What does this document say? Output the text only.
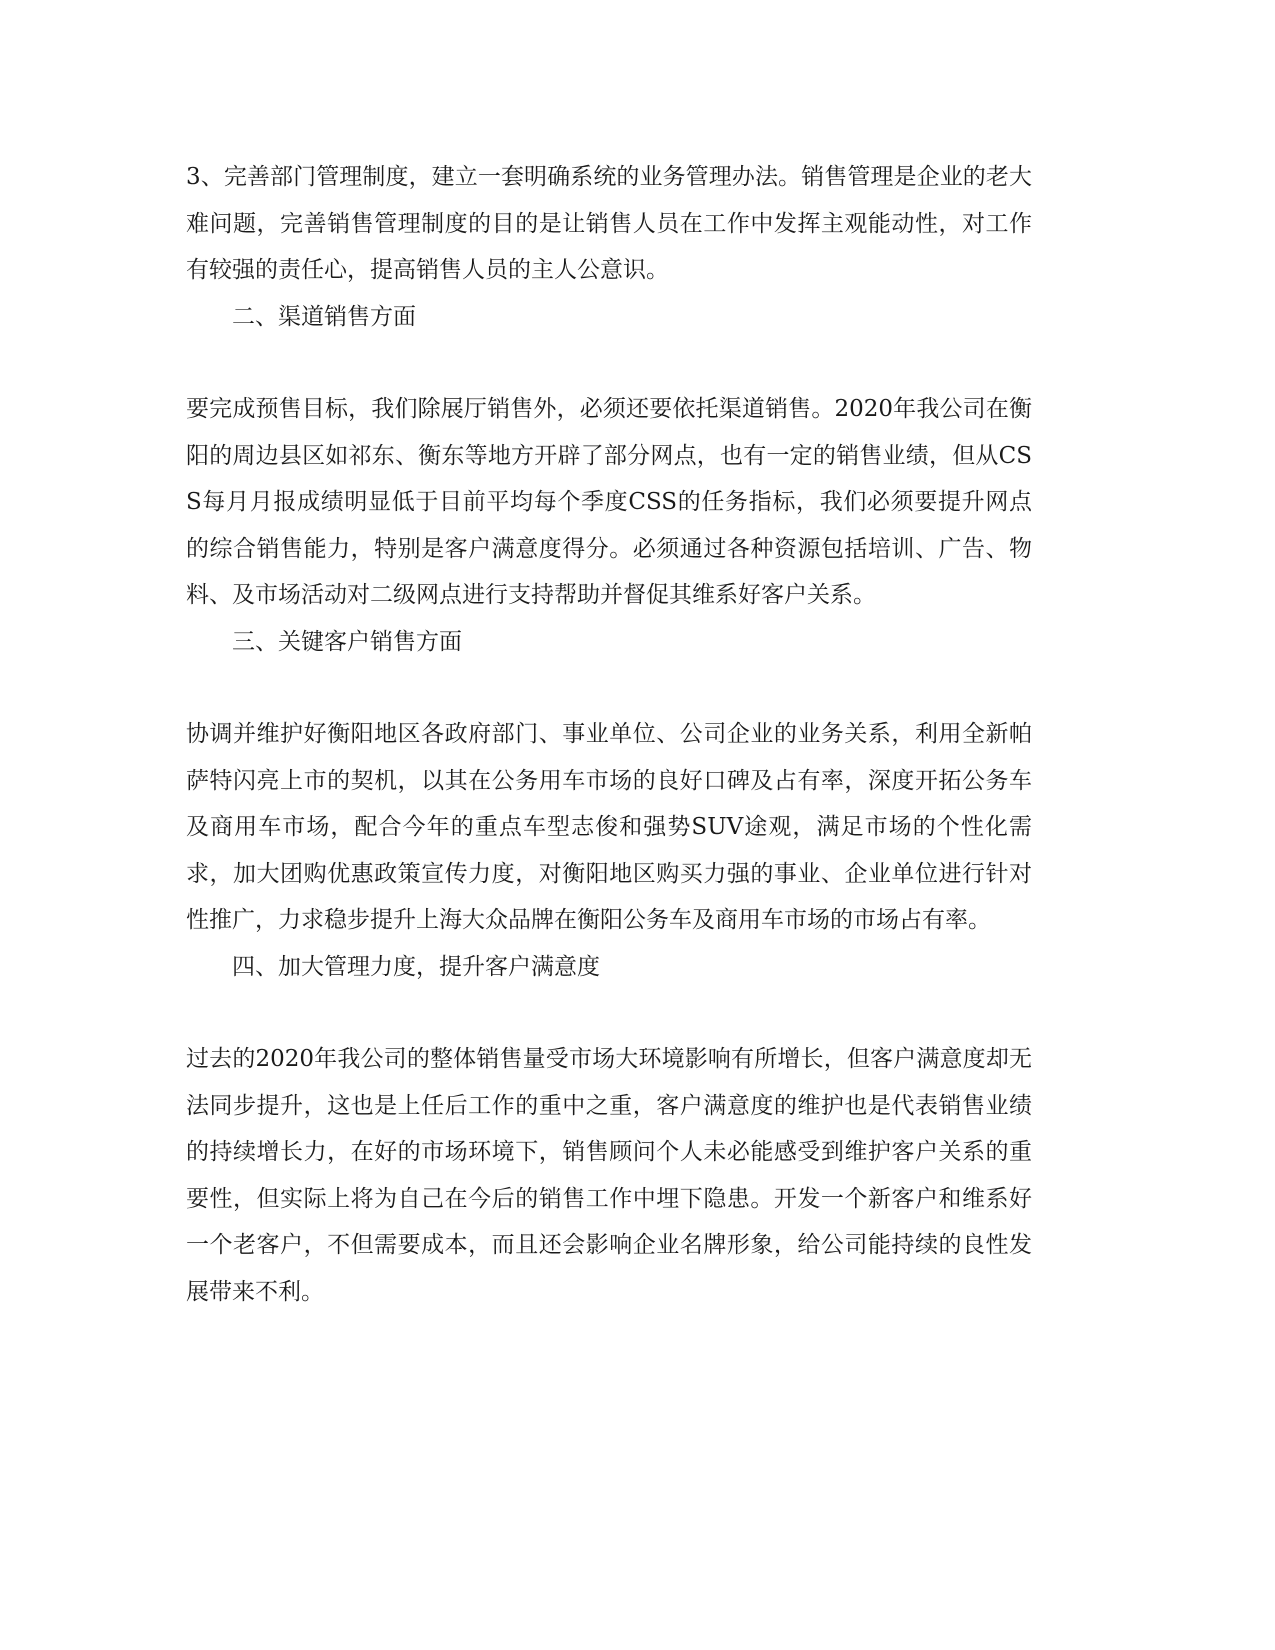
3、完善部门管理制度，建立一套明确系统的业务管理办法。销售管理是企业的老大难问题，完善销售管理制度的目的是让销售人员在工作中发挥主观能动性，对工作有较强的责任心，提高销售人员的主人公意识。

二、渠道销售方面

要完成预售目标，我们除展厅销售外，必须还要依托渠道销售。2020年我公司在衡阳的周边县区如祁东、衡东等地方开辟了部分网点，也有一定的销售业绩，但从CSS每月月报成绩明显低于目前平均每个季度CSS的任务指标，我们必须要提升网点的综合销售能力，特别是客户满意度得分。必须通过各种资源包括培训、广告、物料、及市场活动对二级网点进行支持帮助并督促其维系好客户关系。

三、关键客户销售方面

协调并维护好衡阳地区各政府部门、事业单位、公司企业的业务关系，利用全新帕萨特闪亮上市的契机，以其在公务用车市场的良好口碑及占有率，深度开拓公务车及商用车市场，配合今年的重点车型志俊和强势SUV途观，满足市场的个性化需求，加大团购优惠政策宣传力度，对衡阳地区购买力强的事业、企业单位进行针对性推广，力求稳步提升上海大众品牌在衡阳公务车及商用车市场的市场占有率。

四、加大管理力度，提升客户满意度

过去的2020年我公司的整体销售量受市场大环境影响有所增长，但客户满意度却无法同步提升，这也是上任后工作的重中之重，客户满意度的维护也是代表销售业绩的持续增长力，在好的市场环境下，销售顾问个人未必能感受到维护客户关系的重要性，但实际上将为自己在今后的销售工作中埋下隐患。开发一个新客户和维系好一个老客户，不但需要成本，而且还会影响企业名牌形象，给公司能持续的良性发展带来不利。
